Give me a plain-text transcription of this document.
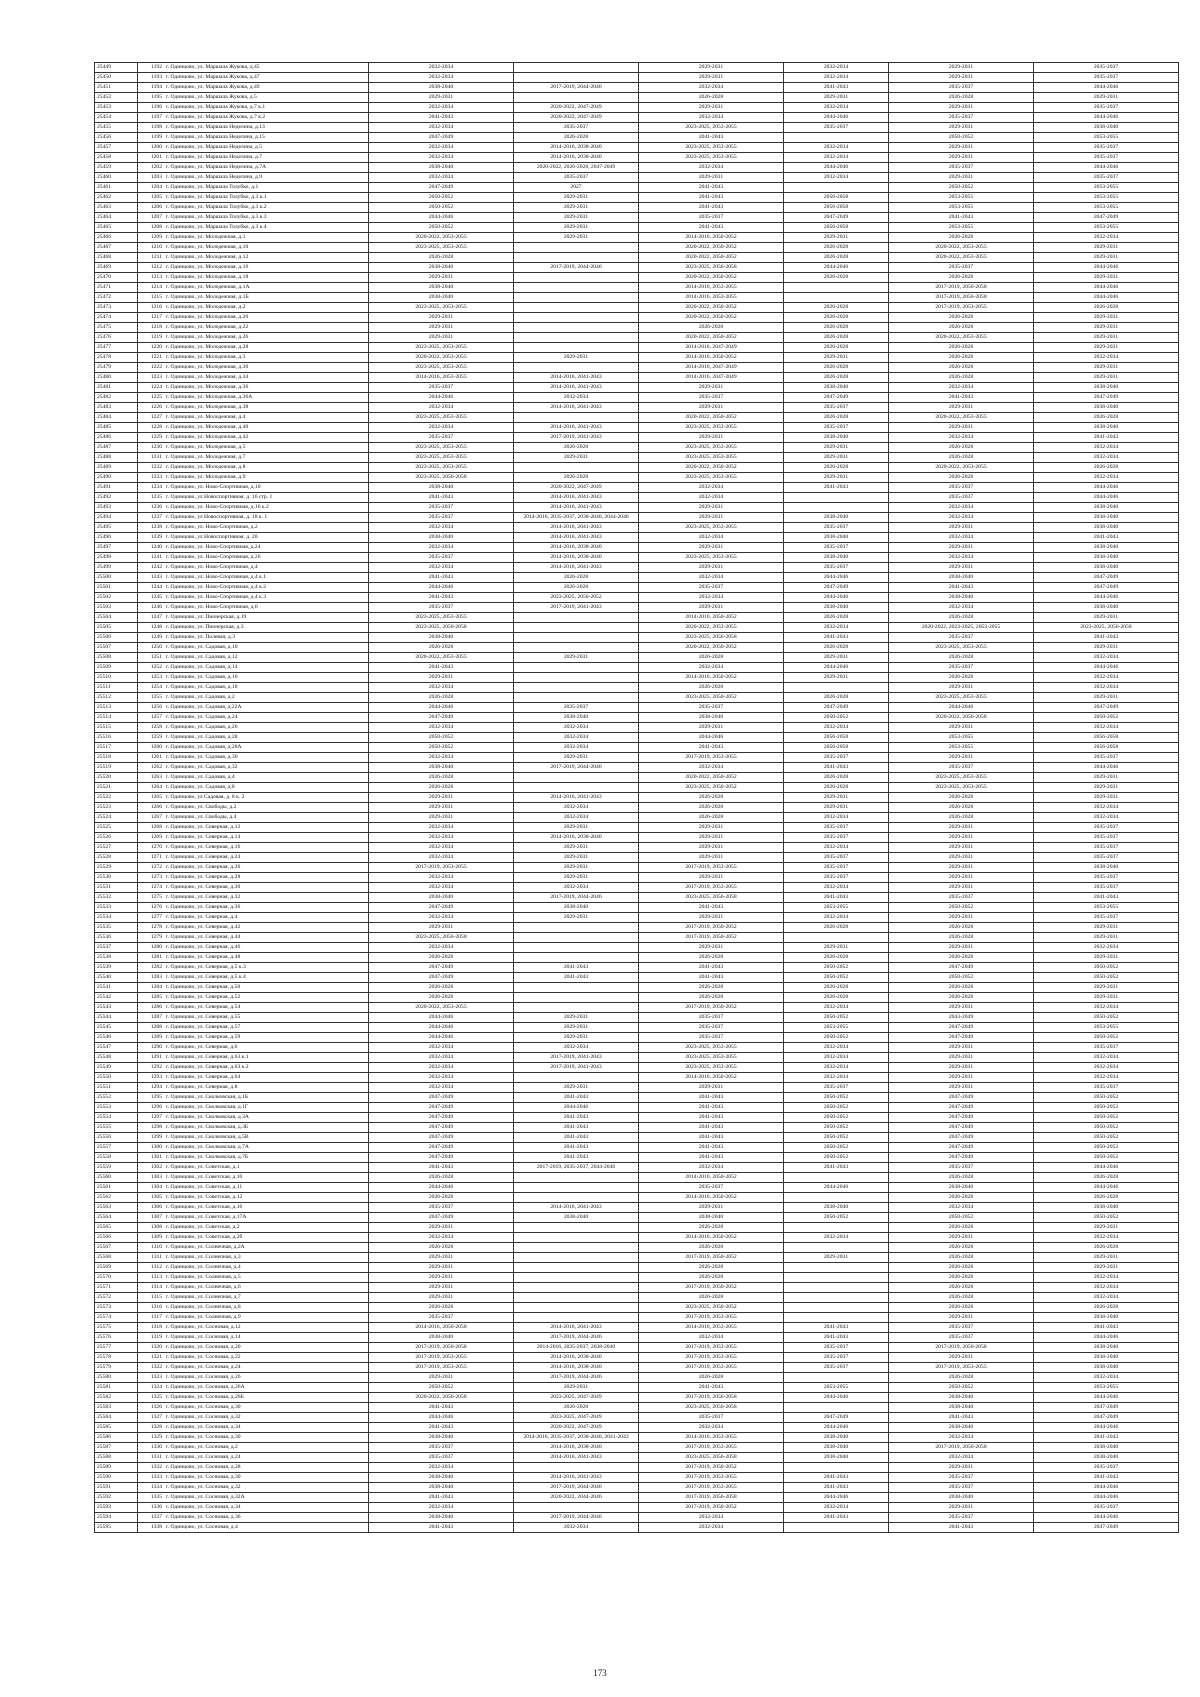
25449	1192	г. Одинцово, ул. Маршала Жукова, д.45	2032-2034		2029-2031	2032-2034	2029-2031	2035-2037
25450	1193	г. Одинцово, ул. Маршала Жукова, д.47	2032-2034		2029-2031	2032-2034	2029-2031	2035-2037
25451	1194	г. Одинцово, ул. Маршала Жукова, д.49	2038-2040	2017-2019, 2044-2046	2032-2034	2041-2043	2035-2037	2044-2046
25452	1195	г. Одинцово, ул. Маршала Жукова, д.5	2029-2031		2026-2028	2029-2031	2026-2028	2029-2031
25453	1196	г. Одинцово, ул. Маршала Жукова, д.7 к.1	2032-2034	2020-2022, 2047-2049	2029-2031	2032-2034	2029-2031	2035-2037
25454	1197	г. Одинцово, ул. Маршала Жукова, д.7 к.2	2041-2043	2020-2022, 2047-2049	2032-2034	2044-2046	2035-2037	2044-2046
25455	1198	г. Одинцово, ул. Маршала Неделина, д.13	2032-2034	2035-2037	2023-2025, 2053-2055	2035-2037	2029-2031	2038-2040
25456	1199	г. Одинцово, ул. Маршала Неделина, д.15	2047-2049	2026-2028	2041-2043		2050-2052	2053-2055
25457	1200	г. Одинцово, ул. Маршала Неделина, д.5	2032-2034	2014-2016, 2038-2040	2023-2025, 2053-2055	2032-2034	2029-2031	2035-2037
25458	1201	г. Одинцово, ул. Маршала Неделина, д.7	2032-2034	2014-2016, 2038-2040	2023-2025, 2053-2055	2032-2034	2029-2031	2035-2037
25459	1202	г. Одинцово, ул. Маршала Неделина, д.7А	2038-2040	2020-2022, 2026-2028, 2047-2049	2032-2034	2044-2046	2035-2037	2044-2046
25460	1203	г. Одинцово, ул. Маршала Неделина, д.9	2032-2034	2035-2037	2029-2031	2032-2034	2029-2031	2035-2037
25461	1204	г. Одинцово, ул. Маршала Толубко, д.1	2047-2049	2027	2041-2043		2050-2052	2053-2055
25462	1205	г. Одинцово, ул. Маршала Толубко, д.3 к.1	2050-2052	2029-2031	2041-2043	2056-2058	2053-2055	2053-2055
25463	1206	г. Одинцово, ул. Маршала Толубко, д.3 к.2	2050-2052	2029-2031	2041-2043	2056-2058	2053-2055	2053-2055
25464	1207	г. Одинцово, ул. Маршала Толубко, д.3 к.3	2044-2046	2029-2031	2035-2037	2047-2049	2041-2043	2047-2049
25465	1208	г. Одинцово, ул. Маршала Толубко, д.3 к.4	2050-2052	2029-2031	2041-2043	2056-2058	2053-2055	2053-2055
25466	1209	г. Одинцово, ул. Молодежная, д.1	2020-2022, 2053-2055	2029-2031	2014-2016, 2050-2052	2029-2031	2026-2028	2032-2034
25467	1210	г. Одинцово, ул. Молодежная, д.10	2023-2025, 2053-2055		2020-2022, 2050-2052	2026-2028	2020-2022, 2053-2055	2029-2031
25468	1211	г. Одинцово, ул. Молодежная, д.12	2026-2028		2020-2022, 2050-2052	2026-2028	2020-2022, 2053-2055	2029-2031
25469	1212	г. Одинцово, ул. Молодежная, д.16	2038-2040	2017-2019, 2044-2046	2023-2025, 2056-2058	2044-2046	2035-2037	2044-2046
25470	1213	г. Одинцово, ул. Молодежная, д.18	2029-2031		2020-2022, 2050-2052	2026-2028	2026-2028	2029-2031
25471	1214	г. Одинцово, ул. Молодежная, д.1А	2038-2040		2014-2016, 2053-2055		2017-2019, 2056-2058	2044-2046
25472	1215	г. Одинцово, ул. Молодежная, д.1Б	2038-2040		2014-2016, 2053-2055		2017-2019, 2056-2058	2044-2046
25473	1216	г. Одинцово, ул. Молодежная, д.2	2023-2025, 2053-2055		2020-2022, 2050-2052	2026-2028	2017-2019, 2053-2055	2026-2028
25474	1217	г. Одинцово, ул. Молодежная, д.20	2029-2031		2020-2022, 2050-2052	2026-2028	2026-2028	2029-2031
25475	1218	г. Одинцово, ул. Молодежная, д.22	2029-2031		2026-2028	2026-2028	2026-2028	2029-2031
25476	1219	г. Одинцово, ул. Молодежная, д.26	2029-2031		2020-2022, 2050-2052	2026-2028	2020-2022, 2053-2055	2029-2031
25477	1220	г. Одинцово, ул. Молодежная, д.28	2023-2025, 2053-2055		2014-2016, 2047-2049	2026-2028	2026-2028	2029-2031
25478	1221	г. Одинцово, ул. Молодежная, д.3	2020-2022, 2053-2055	2029-2031	2014-2016, 2050-2052	2029-2031	2026-2028	2032-2034
25479	1222	г. Одинцово, ул. Молодежная, д.30	2023-2025, 2053-2055		2014-2016, 2047-2049	2026-2028	2026-2028	2029-2031
25480	1223	г. Одинцово, ул. Молодежная, д.34	2014-2016, 2053-2055	2014-2016, 2041-2043	2014-2016, 2047-2049	2026-2028	2026-2028	2029-2031
25481	1224	г. Одинцово, ул. Молодежная, д.36	2035-2037	2014-2016, 2041-2043	2029-2031	2038-2040	2032-2034	2038-2040
25482	1225	г. Одинцово, ул. Молодежная, д.36А	2044-2046	2032-2034	2035-2037	2047-2049	2041-2043	2047-2049
25483	1226	г. Одинцово, ул. Молодежная, д.38	2032-2034	2014-2016, 2041-2043	2029-2031	2035-2037	2029-2031	2038-2040
25484	1227	г. Одинцово, ул. Молодежная, д.4	2023-2025, 2053-2055		2020-2022, 2050-2052	2026-2028	2020-2022, 2053-2055	2026-2028
25485	1228	г. Одинцово, ул. Молодежная, д.40	2032-2034	2014-2016, 2041-2043	2023-2025, 2053-2055	2035-2037	2029-2031	2038-2040
25486	1229	г. Одинцово, ул. Молодежная, д.42	2035-2037	2017-2019, 2041-2043	2029-2031	2038-2040	2032-2034	2041-2043
25487	1230	г. Одинцово, ул. Молодежная, д.5	2023-2025, 2053-2055	2026-2028	2023-2025, 2053-2055	2029-2031	2026-2028	2032-2034
25488	1231	г. Одинцово, ул. Молодежная, д.7	2023-2025, 2053-2055	2029-2031	2023-2025, 2053-2055	2029-2031	2026-2028	2032-2034
25489	1232	г. Одинцово, ул. Молодежная, д.8	2023-2025, 2053-2055		2020-2022, 2050-2052	2026-2028	2020-2022, 2053-2055	2026-2028
25490	1233	г. Одинцово, ул. Молодежная, д.9	2023-2025, 2056-2058	2026-2028	2023-2025, 2053-2055	2029-2031	2026-2028	2032-2034
25491	1234	г. Одинцово, ул. Ново-Спортивная, д.10	2038-2040	2020-2022, 2047-2049	2032-2034	2041-2043	2035-2037	2044-2046
25492	1235	г. Одинцово, ул Новоспортивная, д. 16 стр. 1	2041-2043	2014-2016, 2041-2043	2032-2034		2035-2037	2044-2046
25493	1236	г. Одинцово, ул. Ново-Спортивная, д.16 к.2	2035-2037	2014-2016, 2041-2043	2029-2031		2032-2034	2038-2040
25494	1237	г. Одинцово, ул Новоспортивная, д. 18 к. 1	2035-2037	2014-2016, 2035-2037, 2038-2040, 2044-2046	2029-2031	2038-2040	2032-2034	2038-2040
25495	1238	г. Одинцово, ул. Ново-Спортивная, д.2	2032-2034	2014-2016, 2041-2043	2023-2025, 2053-2055	2035-2037	2029-2031	2038-2040
25496	1239	г. Одинцово, ул Новоспортивная, д. 20	2038-2040	2014-2016, 2041-2043	2032-2034	2038-2040	2032-2034	2041-2043
25497	1240	г. Одинцово, ул. Ново-Спортивная, д.24	2032-2034	2014-2016, 2038-2040	2029-2031	2035-2037	2029-2031	2038-2040
25498	1241	г. Одинцово, ул. Ново-Спортивная, д.26	2035-2037	2014-2016, 2038-2040	2023-2025, 2053-2055	2038-2040	2032-2034	2038-2040
25499	1242	г. Одинцово, ул. Ново-Спортивная, д.4	2032-2034	2014-2016, 2041-2043	2029-2031	2035-2037	2029-2031	2038-2040
25500	1243	г. Одинцово, ул. Ново-Спортивная, д.4 к.1	2041-2043	2026-2028	2032-2034	2044-2046	2038-2040	2047-2049
25501	1244	г. Одинцово, ул. Ново-Спортивная, д.4 к.2	2044-2046	2026-2028	2035-2037	2047-2049	2041-2043	2047-2049
25502	1245	г. Одинцово, ул. Ново-Спортивная, д.4 к.3	2041-2043	2023-2025, 2050-2052	2032-2034	2044-2046	2038-2040	2044-2046
25503	1246	г. Одинцово, ул. Ново-Спортивная, д.6	2035-2037	2017-2019, 2041-2043	2029-2031	2038-2040	2032-2034	2038-2040
25504	1247	г. Одинцово, ул. Пионерская, д.19	2023-2025, 2053-2055		2014-2016, 2050-2052	2026-2028	2026-2028	2029-2031
25505	1248	г. Одинцово, ул. Пионерская, д.3	2023-2025, 2056-2058		2020-2022, 2053-2055	2032-2034	2020-2022, 2023-2025, 2053-2055	2023-2025, 2056-2058
25506	1249	г. Одинцово, ул. Полевая, д.3	2038-2040		2023-2025, 2056-2058	2041-2043	2035-2037	2041-2043
25507	1250	г. Одинцово, ул. Садовая, д.10	2026-2028		2020-2022, 2050-2052	2026-2028	2023-2025, 2053-2055	2029-2031
25508	1251	г. Одинцово, ул. Садовая, д.12	2020-2022, 2053-2055	2029-2031	2026-2028	2029-2031	2026-2028	2032-2034
25509	1252	г. Одинцово, ул. Садовая, д.14	2041-2043		2032-2034	2044-2046	2035-2037	2044-2046
25510	1253	г. Одинцово, ул. Садовая, д.16	2029-2031		2014-2016, 2050-2052	2029-2031	2026-2028	2032-2034
25511	1254	г. Одинцово, ул. Садовая, д.18	2032-2034		2026-2028		2029-2031	2032-2034
25512	1255	г. Одинцово, ул. Садовая, д.2	2026-2028		2023-2025, 2050-2052	2026-2028	2023-2025, 2053-2055	2029-2031
25513	1256	г. Одинцово, ул. Садовая, д.22А	2044-2046	2035-2037	2035-2037	2047-2049	2044-2046	2047-2049
25514	1257	г. Одинцово, ул. Садовая, д.24	2047-2049	2038-2040	2038-2040	2050-2052	2020-2022, 2056-2058	2050-2052
25515	1258	г. Одинцово, ул. Садовая, д.26	2032-2034	2032-2034	2029-2031	2032-2034	2029-2031	2032-2034
25516	1259	г. Одинцово, ул. Садовая, д.28	2050-2052	2032-2034	2044-2046	2056-2058	2053-2055	2056-2058
25517	1260	г. Одинцово, ул. Садовая, д.28А	2050-2052	2032-2034	2041-2043	2056-2058	2053-2055	2056-2058
25518	1261	г. Одинцово, ул. Садовая, д.30	2032-2034	2029-2031	2017-2019, 2053-2055	2035-2037	2029-2031	2035-2037
25519	1262	г. Одинцово, ул. Садовая, д.32	2038-2040	2017-2019, 2044-2046	2032-2034	2041-2043	2035-2037	2044-2046
25520	1263	г. Одинцово, ул. Садовая, д.4	2026-2028		2020-2022, 2050-2052	2026-2028	2023-2025, 2053-2055	2029-2031
25521	1264	г. Одинцово, ул. Садовая, д.8	2026-2028		2023-2025, 2050-2052	2026-2028	2023-2025, 2053-2055	2029-2031
25522	1265	г. Одинцово, ул Садовая, д. 8 к. 2	2029-2031	2014-2016, 2041-2043	2026-2028	2029-2031	2026-2028	2029-2031
25523	1266	г. Одинцово, ул. Свободы, д.2	2029-2031	2032-2034	2026-2028	2029-2031	2026-2028	2032-2034
25524	1267	г. Одинцово, ул. Свободы, д.4	2029-2031	2032-2034	2026-2028	2032-2034	2026-2028	2032-2034
25525	1268	г. Одинцово, ул. Северная, д.12	2032-2034	2029-2031	2029-2031	2035-2037	2029-2031	2035-2037
25526	1269	г. Одинцово, ул. Северная, д.14	2032-2034	2014-2016, 2038-2040	2029-2031	2035-2037	2029-2031	2035-2037
25527	1270	г. Одинцово, ул. Северная, д.16	2032-2034	2029-2031	2029-2031	2032-2034	2029-2031	2035-2037
25528	1271	г. Одинцово, ул. Северная, д.24	2032-2034	2029-2031	2029-2031	2035-2037	2029-2031	2035-2037
25529	1272	г. Одинцово, ул. Северная, д.26	2017-2019, 2053-2055	2029-2031	2017-2019, 2053-2055	2035-2037	2029-2031	2038-2040
25530	1273	г. Одинцово, ул. Северная, д.28	2032-2034	2029-2031	2029-2031	2035-2037	2029-2031	2035-2037
25531	1274	г. Одинцово, ул. Северная, д.30	2032-2034	2032-2034	2017-2019, 2053-2055	2032-2034	2029-2031	2035-2037
25532	1275	г. Одинцово, ул. Северная, д.32	2038-2040	2017-2019, 2044-2046	2023-2025, 2056-2058	2041-2043	2035-2037	2041-2043
25533	1276	г. Одинцово, ул. Северная, д.36	2047-2049	2038-2040	2041-2043	2053-2055	2050-2052	2053-2055
25534	1277	г. Одинцово, ул. Северная, д.4	2032-2034	2029-2031	2029-2031	2032-2034	2029-2031	2035-2037
25535	1278	г. Одинцово, ул. Северная, д.42	2029-2031		2017-2019, 2050-2052	2026-2028	2026-2028	2029-2031
25536	1279	г. Одинцово, ул. Северная, д.44	2023-2025, 2056-2058		2017-2019, 2050-2052		2026-2028	2029-2031
25537	1280	г. Одинцово, ул. Северная, д.46	2032-2034		2029-2031	2029-2031	2029-2031	2032-2034
25538	1281	г. Одинцово, ул. Северная, д.48	2026-2028		2026-2028	2026-2028	2026-2028	2029-2031
25539	1282	г. Одинцово, ул. Северная, д.5 к.3	2047-2049	2041-2043	2041-2043	2050-2052	2047-2049	2050-2052
25540	1283	г. Одинцово, ул. Северная, д.5 к.4	2047-2049	2041-2043	2041-2043	2050-2052	2050-2052	2050-2052
25541	1284	г. Одинцово, ул. Северная, д.50	2026-2028		2026-2028	2026-2028	2026-2028	2029-2031
25542	1285	г. Одинцово, ул. Северная, д.52	2026-2028		2026-2028	2026-2028	2026-2028	2029-2031
25543	1286	г. Одинцово, ул. Северная, д.54	2020-2022, 2053-2055		2017-2019, 2050-2052	2032-2034	2029-2031	2032-2034
25544	1287	г. Одинцово, ул. Северная, д.55	2044-2046	2029-2031	2035-2037	2050-2052	2043-2049	2050-2052
25545	1288	г. Одинцово, ул. Северная, д.57	2044-2046	2029-2031	2035-2037	2053-2055	2047-2049	2053-2055
25546	1289	г. Одинцово, ул. Северная, д.59	2044-2046	2029-2031	2035-2037	2050-2052	2047-2049	2050-2052
25547	1290	г. Одинцово, ул. Северная, д.6	2032-2034	2032-2034	2023-2025, 2053-2055	2032-2034	2029-2031	2035-2037
25548	1291	г. Одинцово, ул. Северная, д.63 к.1	2032-2034	2017-2019, 2041-2043	2023-2025, 2053-2055	2032-2034	2029-2031	2032-2034
25549	1292	г. Одинцово, ул. Северная, д.63 к.2	2032-2034	2017-2019, 2041-2043	2023-2025, 2053-2055	2032-2034	2029-2031	2032-2034
25550	1293	г. Одинцово, ул. Северная, д.64	2032-2034		2014-2016, 2050-2052	2032-2034	2029-2031	2032-2034
25551	1294	г. Одинцово, ул. Северная, д.8	2032-2034	2029-2031	2029-2031	2035-2037	2029-2031	2035-2037
25552	1295	г. Одинцово, ул. Сколковская, д.1Б	2047-2049	2041-2043	2041-2043	2050-2052	2047-2049	2050-2052
25553	1296	г. Одинцово, ул. Сколковская, д.1Г	2047-2049	2044-2046	2041-2043	2050-2052	2047-2049	2050-2052
25554	1297	г. Одинцово, ул. Сколковская, д.3А	2047-2049	2041-2043	2041-2043	2050-2052	2047-2049	2050-2052
25555	1298	г. Одинцово, ул. Сколковская, д.3Б	2047-2049	2041-2043	2041-2043	2050-2052	2047-2049	2050-2052
25556	1299	г. Одинцово, ул. Сколковская, д.5В	2047-2049	2041-2043	2041-2043	2050-2052	2047-2049	2050-2052
25557	1300	г. Одинцово, ул. Сколковская, д.7А	2047-2049	2041-2043	2041-2043	2050-2052	2047-2049	2050-2052
25558	1301	г. Одинцово, ул. Сколковская, д.7Б	2047-2049	2041-2043	2041-2043	2050-2052	2047-2049	2050-2052
25559	1302	г. Одинцово, ул. Советская, д.1	2041-2043	2017-2019, 2035-2037, 2044-2046	2032-2034	2041-2043	2035-2037	2044-2046
25560	1303	г. Одинцово, ул. Советская, д.10	2026-2028		2014-2016, 2050-2052		2026-2028	2026-2028
25561	1304	г. Одинцово, ул. Советская, д.11	2044-2046		2035-2037	2044-2046	2038-2040	2044-2046
25562	1305	г. Одинцово, ул. Советская, д.12	2026-2028		2014-2016, 2050-2052		2026-2028	2026-2028
25563	1306	г. Одинцово, ул. Советская, д.16	2035-2037	2014-2016, 2041-2043	2029-2031	2038-2040	2032-2034	2038-2040
25564	1307	г. Одинцово, ул. Советская, д.17А	2047-2049	2038-2040	2038-2040	2050-2052	2050-2052	2050-2052
25565	1308	г. Одинцово, ул. Советская, д.2	2029-2031		2026-2028		2026-2028	2029-2031
25566	1309	г. Одинцово, ул. Советская, д.2б	2032-2034		2014-2016, 2050-2052	2032-2034	2029-2031	2032-2034
25567	1310	г. Одинцово, ул. Солнечная, д.2А	2026-2028		2026-2028		2026-2028	2026-2028
25568	1311	г. Одинцово, ул. Солнечная, д.3	2029-2031		2017-2019, 2050-2052	2029-2031	2026-2028	2029-2031
25569	1312	г. Одинцово, ул. Солнечная, д.4	2029-2031		2026-2028		2026-2028	2029-2031
25570	1313	г. Одинцово, ул. Солнечная, д.5	2029-2031		2026-2028		2026-2028	2032-2034
25571	1314	г. Одинцово, ул. Солнечная, д.6	2029-2031		2017-2019, 2050-2052		2026-2028	2032-2034
25572	1315	г. Одинцово, ул. Солнечная, д.7	2029-2031		2026-2028		2026-2028	2032-2034
25573	1316	г. Одинцово, ул. Солнечная, д.8	2026-2028		2023-2025, 2050-2052		2026-2028	2026-2028
25574	1317	г. Одинцово, ул. Солнечная, д.9	2035-2037		2017-2019, 2053-2055		2029-2031	2038-2040
25575	1318	г. Одинцово, ул. Сосновая, д.12	2014-2016, 2056-2058	2014-2016, 2041-2043	2014-2016, 2053-2055	2041-2043	2035-2037	2041-2043
25576	1319	г. Одинцово, ул. Сосновая, д.14	2038-2040	2017-2019, 2044-2046	2032-2034	2041-2043	2035-2037	2044-2046
25577	1320	г. Одинцово, ул. Сосновая, д.20	2017-2019, 2056-2058	2014-2016, 2035-2037, 2038-2040	2017-2019, 2053-2055	2035-2037	2017-2019, 2056-2058	2038-2040
25578	1321	г. Одинцово, ул. Сосновая, д.22	2017-2019, 2053-2055	2014-2016, 2038-2040	2017-2019, 2053-2055	2035-2037	2029-2031	2038-2040
25579	1322	г. Одинцово, ул. Сосновая, д.24	2017-2019, 2053-2055	2014-2016, 2038-2040	2017-2019, 2053-2055	2035-2037	2017-2019, 2053-2055	2038-2040
25580	1323	г. Одинцово, ул. Сосновая, д.26	2029-2031	2017-2019, 2044-2046	2026-2028		2026-2028	2032-2034
25581	1324	г. Одинцово, ул. Сосновая, д.26А	2050-2052	2029-2031	2041-2043	2053-2055	2050-2052	2053-2055
25582	1325	г. Одинцово, ул. Сосновая, д.26Б	2020-2022, 2056-2058	2023-2025, 2047-2049	2017-2019, 2056-2058	2044-2046	2038-2040	2044-2046
25583	1326	г. Одинцово, ул. Сосновая, д.30	2041-2043	2026-2028	2023-2025, 2056-2058		2038-2040	2047-2049
25584	1327	г. Одинцово, ул. Сосновая, д.32	2044-2046	2023-2025, 2047-2049	2035-2037	2047-2049	2041-2043	2047-2049
25585	1328	г. Одинцово, ул. Сосновая, д.34	2041-2043	2020-2022, 2047-2049	2032-2034	2044-2046	2038-2040	2044-2046
25586	1329	г. Одинцово, ул. Сосновая, д.30	2038-2040	2014-2016, 2035-2037, 2038-2040, 2041-2043	2014-2016, 2053-2055	2038-2040	2032-2034	2041-2043
25587	1330	г. Одинцово, ул. Сосновая, д.2	2035-2037	2014-2016, 2038-2040	2017-2019, 2053-2055	2038-2040	2017-2019, 2056-2058	2038-2040
25588	1331	г. Одинцово, ул. Сосновая, д.24	2035-2037	2014-2016, 2041-2043	2023-2025, 2056-2058	2038-2040	2032-2034	2038-2040
25589	1332	г. Одинцово, ул. Сосновая, д.28	2032-2034		2017-2019, 2050-2052		2029-2031	2035-2037
25590	1333	г. Одинцово, ул. Сосновая, д.30	2038-2040	2014-2016, 2041-2043	2017-2019, 2053-2055	2041-2043	2035-2037	2041-2043
25591	1334	г. Одинцово, ул. Сосновая, д.32	2038-2040	2017-2019, 2044-2046	2017-2019, 2053-2055	2041-2043	2035-2037	2044-2046
25592	1335	г. Одинцово, ул. Сосновая, д.32А	2041-2043	2020-2022, 2044-2046	2017-2019, 2056-2058	2044-2046	2038-2040	2044-2046
25593	1336	г. Одинцово, ул. Сосновая, д.34	2032-2034		2017-2019, 2050-2052	2032-2034	2029-2031	2035-2037
25594	1337	г. Одинцово, ул. Сосновая, д.36	2038-2040	2017-2019, 2044-2046	2032-2034	2041-2043	2035-2037	2044-2046
25595	1338	г. Одинцово, ул. Сосновая, д.4	2041-2043	2032-2034	2032-2034		2041-2043	2047-2049
173
